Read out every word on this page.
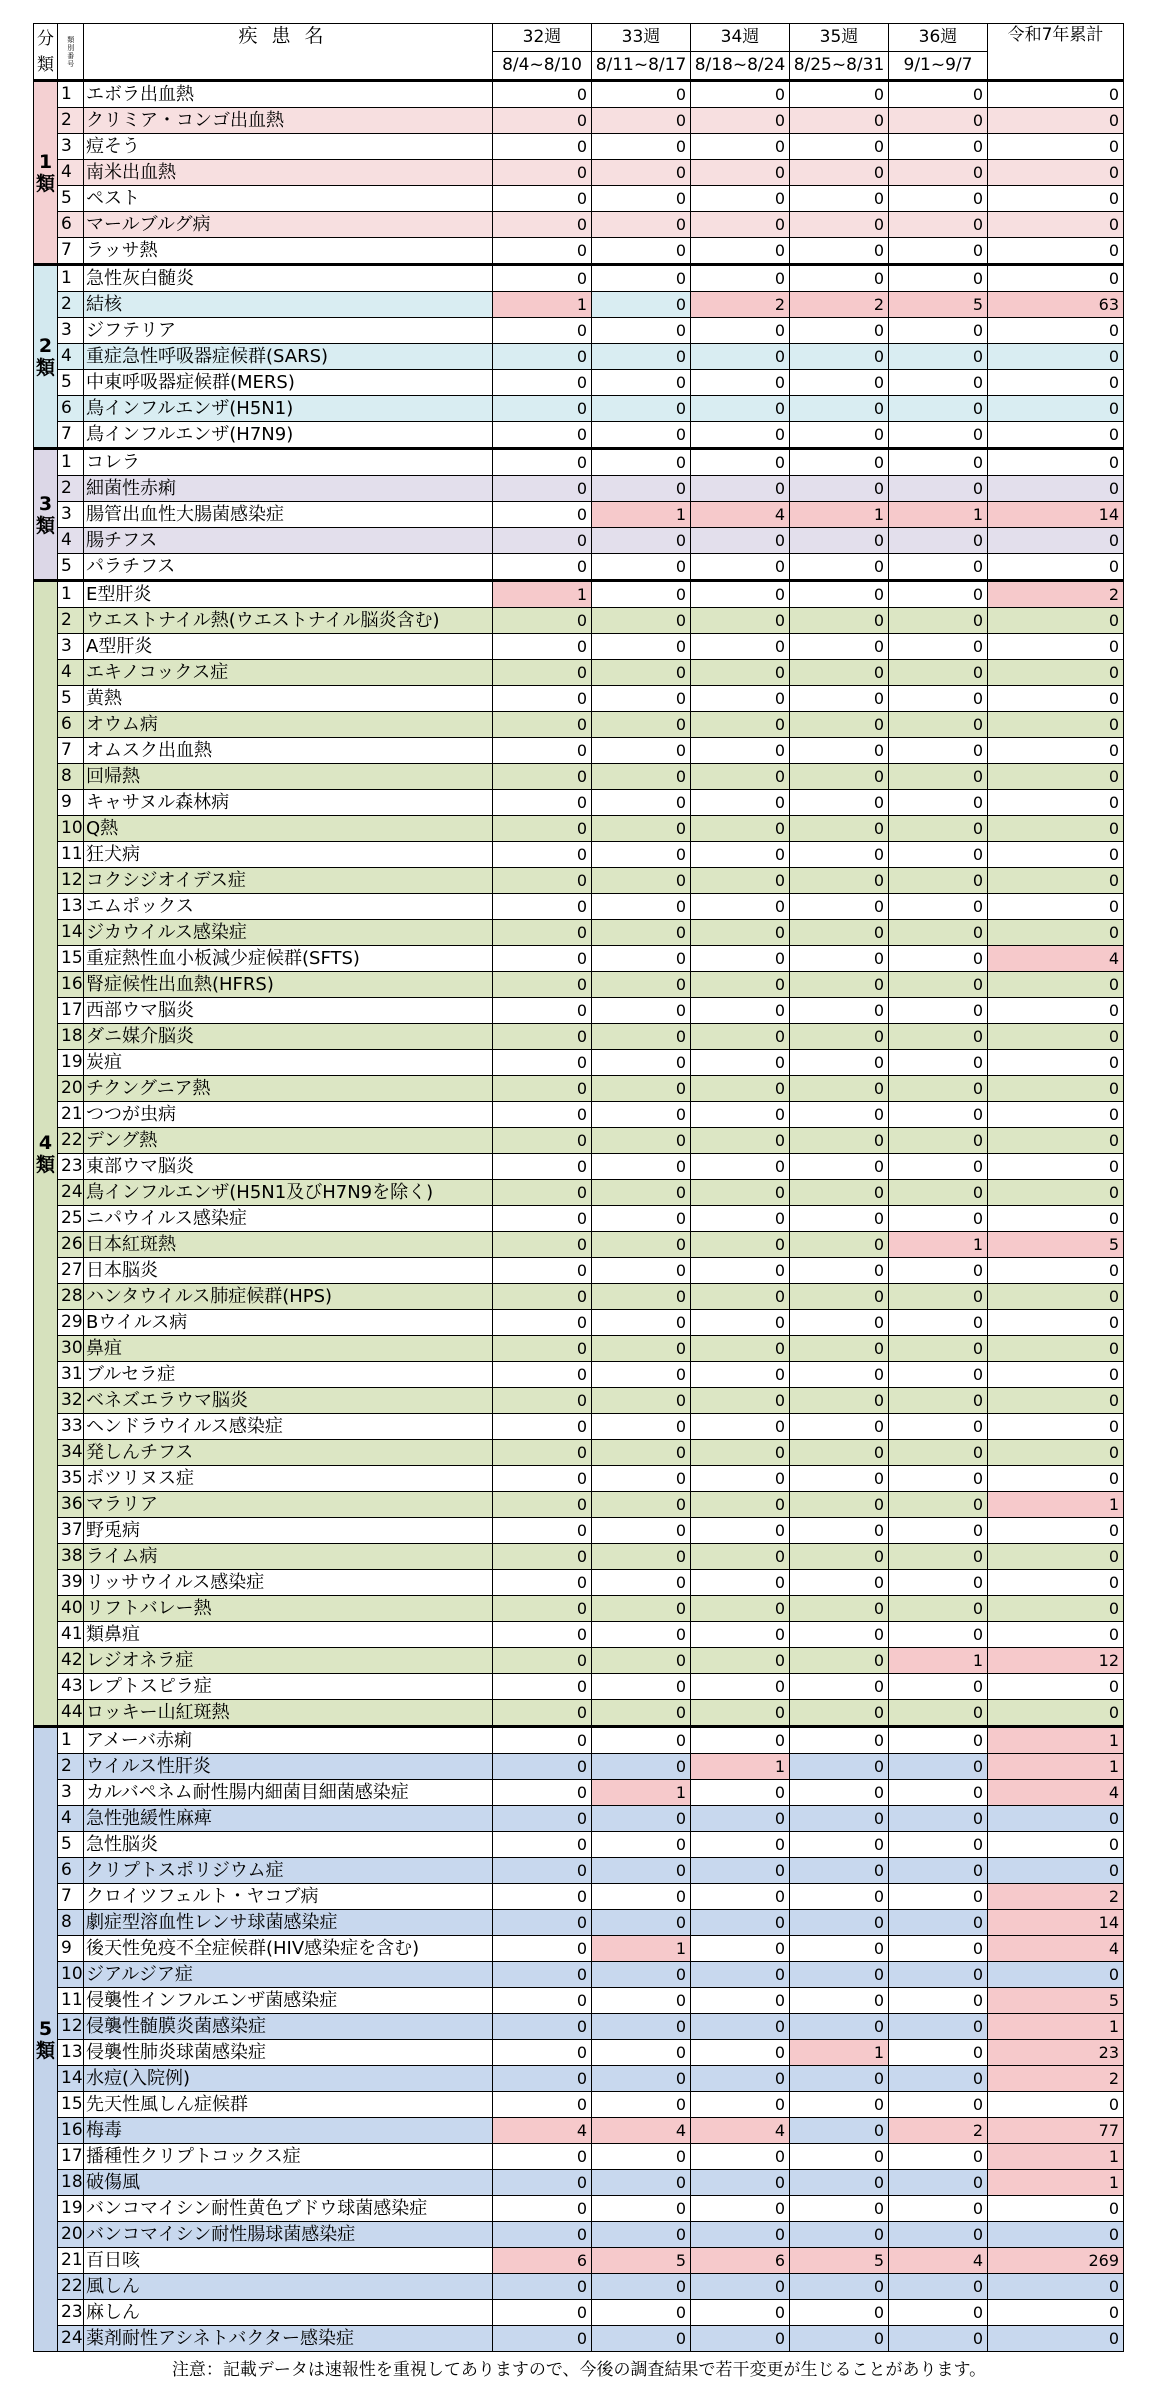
分類	類別番号	疾患名	32週	33週	34週	35週	36週	令和7年累計
			8/4~8/10	8/11~8/17	8/18~8/24	8/25~8/31	9/1~9/7	

1類	1	エボラ出血熱	0	0	0	0	0	0
	2	クリミア・コンゴ出血熱	0	0	0	0	0	0
	3	痘そう	0	0	0	0	0	0
	4	南米出血熱	0	0	0	0	0	0
	5	ペスト	0	0	0	0	0	0
	6	マールブルグ病	0	0	0	0	0	0
	7	ラッサ熱	0	0	0	0	0	0

2類	1	急性灰白髄炎	0	0	0	0	0	0
	2	結核	1	0	2	2	5	63
	3	ジフテリア	0	0	0	0	0	0
	4	重症急性呼吸器症候群(SARS)	0	0	0	0	0	0
	5	中東呼吸器症候群(MERS)	0	0	0	0	0	0
	6	鳥インフルエンザ(H5N1)	0	0	0	0	0	0
	7	鳥インフルエンザ(H7N9)	0	0	0	0	0	0

3類	1	コレラ	0	0	0	0	0	0
	2	細菌性赤痢	0	0	0	0	0	0
	3	腸管出血性大腸菌感染症	0	1	4	1	1	14
	4	腸チフス	0	0	0	0	0	0
	5	パラチフス	0	0	0	0	0	0

4類	1	E型肝炎	1	0	0	0	0	2
	2	ウエストナイル熱(ウエストナイル脳炎含む)	0	0	0	0	0	0
	3	A型肝炎	0	0	0	0	0	0
	4	エキノコックス症	0	0	0	0	0	0
	5	黄熱	0	0	0	0	0	0
	6	オウム病	0	0	0	0	0	0
	7	オムスク出血熱	0	0	0	0	0	0
	8	回帰熱	0	0	0	0	0	0
	9	キャサヌル森林病	0	0	0	0	0	0
	10	Q熱	0	0	0	0	0	0
	11	狂犬病	0	0	0	0	0	0
	12	コクシジオイデス症	0	0	0	0	0	0
	13	エムポックス	0	0	0	0	0	0
	14	ジカウイルス感染症	0	0	0	0	0	0
	15	重症熱性血小板減少症候群(SFTS)	0	0	0	0	0	4
	16	腎症候性出血熱(HFRS)	0	0	0	0	0	0
	17	西部ウマ脳炎	0	0	0	0	0	0
	18	ダニ媒介脳炎	0	0	0	0	0	0
	19	炭疽	0	0	0	0	0	0
	20	チクングニア熱	0	0	0	0	0	0
	21	つつが虫病	0	0	0	0	0	0
	22	デング熱	0	0	0	0	0	0
	23	東部ウマ脳炎	0	0	0	0	0	0
	24	鳥インフルエンザ(H5N1及びH7N9を除く)	0	0	0	0	0	0
	25	ニパウイルス感染症	0	0	0	0	0	0
	26	日本紅斑熱	0	0	0	0	1	5
	27	日本脳炎	0	0	0	0	0	0
	28	ハンタウイルス肺症候群(HPS)	0	0	0	0	0	0
	29	Bウイルス病	0	0	0	0	0	0
	30	鼻疽	0	0	0	0	0	0
	31	ブルセラ症	0	0	0	0	0	0
	32	ベネズエラウマ脳炎	0	0	0	0	0	0
	33	ヘンドラウイルス感染症	0	0	0	0	0	0
	34	発しんチフス	0	0	0	0	0	0
	35	ボツリヌス症	0	0	0	0	0	0
	36	マラリア	0	0	0	0	0	1
	37	野兎病	0	0	0	0	0	0
	38	ライム病	0	0	0	0	0	0
	39	リッサウイルス感染症	0	0	0	0	0	0
	40	リフトバレー熱	0	0	0	0	0	0
	41	類鼻疽	0	0	0	0	0	0
	42	レジオネラ症	0	0	0	0	1	12
	43	レプトスピラ症	0	0	0	0	0	0
	44	ロッキー山紅斑熱	0	0	0	0	0	0

5類	1	アメーバ赤痢	0	0	0	0	0	1
	2	ウイルス性肝炎	0	0	1	0	0	1
	3	カルバペネム耐性腸内細菌目細菌感染症	0	1	0	0	0	4
	4	急性弛緩性麻痺	0	0	0	0	0	0
	5	急性脳炎	0	0	0	0	0	0
	6	クリプトスポリジウム症	0	0	0	0	0	0
	7	クロイツフェルト・ヤコブ病	0	0	0	0	0	2
	8	劇症型溶血性レンサ球菌感染症	0	0	0	0	0	14
	9	後天性免疫不全症候群(HIV感染症を含む)	0	1	0	0	0	4
	10	ジアルジア症	0	0	0	0	0	0
	11	侵襲性インフルエンザ菌感染症	0	0	0	0	0	5
	12	侵襲性髄膜炎菌感染症	0	0	0	0	0	1
	13	侵襲性肺炎球菌感染症	0	0	0	1	0	23
	14	水痘(入院例)	0	0	0	0	0	2
	15	先天性風しん症候群	0	0	0	0	0	0
	16	梅毒	4	4	4	0	2	77
	17	播種性クリプトコックス症	0	0	0	0	0	1
	18	破傷風	0	0	0	0	0	1
	19	バンコマイシン耐性黄色ブドウ球菌感染症	0	0	0	0	0	0
	20	バンコマイシン耐性腸球菌感染症	0	0	0	0	0	0
	21	百日咳	6	5	6	5	4	269
	22	風しん	0	0	0	0	0	0
	23	麻しん	0	0	0	0	0	0
	24	薬剤耐性アシネトバクター感染症	0	0	0	0	0	0
注意：記載データは速報性を重視してありますので、今後の調査結果で若干変更が生じることがあります。
